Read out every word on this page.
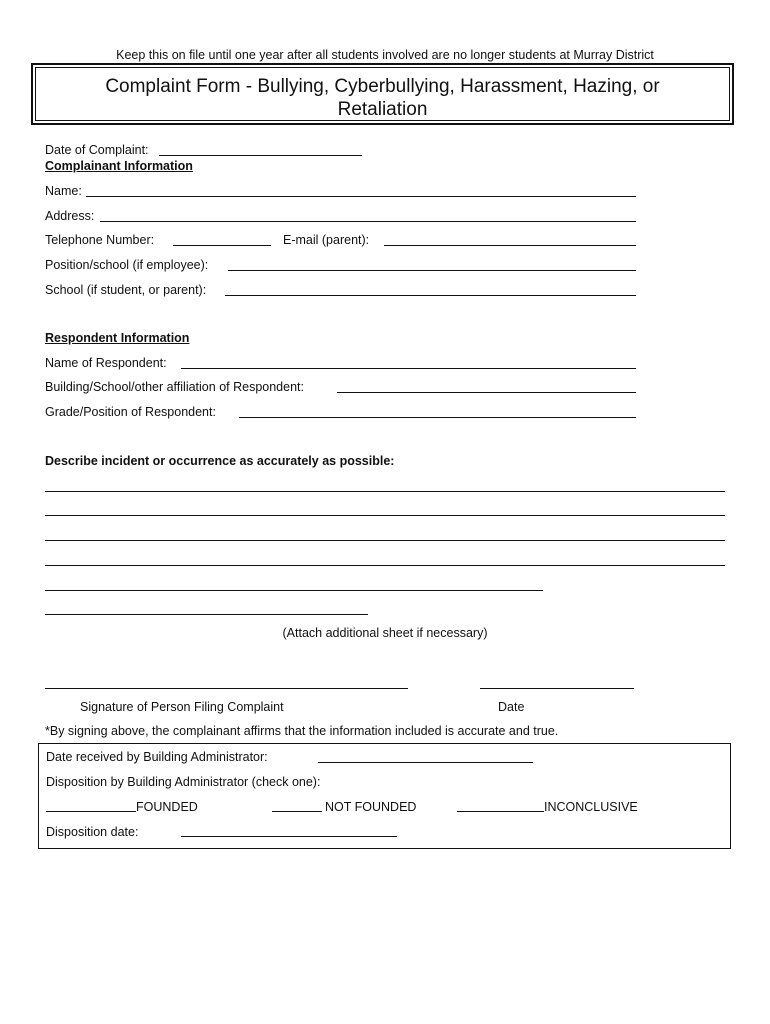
Keep this on file until one year after all students involved are no longer students at Murray District
Complaint Form - Bullying, Cyberbullying, Harassment, Hazing, or
Retaliation
Date of Complaint:
Complainant Information
Name:
Address:
Telephone Number:	E-mail (parent):
Position/school (if employee):
School (if student, or parent):
Respondent Information
Name of Respondent:
Building/School/other affiliation of Respondent:
Grade/Position of Respondent:
Describe incident or occurrence as accurately as possible:
(Attach additional sheet if necessary)
Signature of Person Filing Complaint	Date
*By signing above, the complainant affirms that the information included is accurate and true.
Date received by Building Administrator:
Disposition by Building Administrator (check one):
FOUNDED	NOT FOUNDED	INCONCLUSIVE
Disposition date:
